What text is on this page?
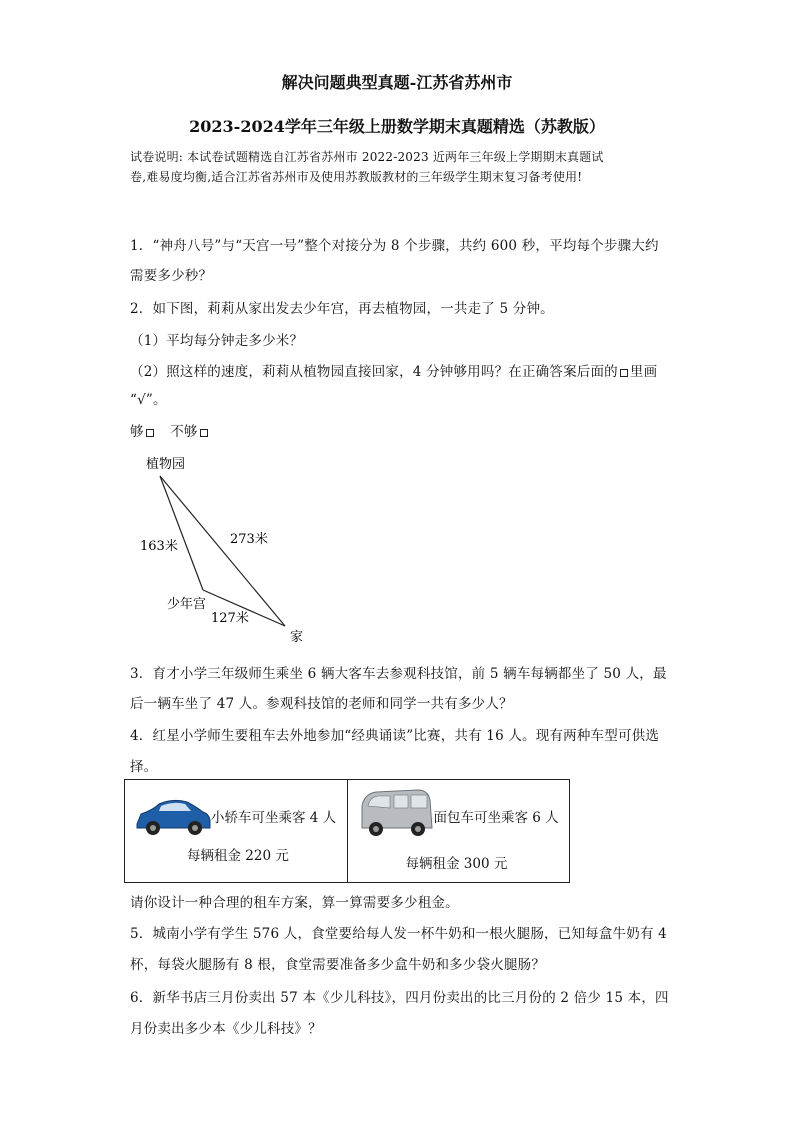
解决问题典型真题-江苏省苏州市
2023-2024学年三年级上册数学期末真题精选（苏教版）
试卷说明: 本试卷试题精选自江苏省苏州市 2022-2023 近两年三年级上学期期末真题试
卷,难易度均衡,适合江苏省苏州市及使用苏教版教材的三年级学生期末复习备考使用!
1．“神舟八号”与“天宫一号”整个对接分为 8 个步骤，共约 600 秒，平均每个步骤大约
需要多少秒？
2．如下图，莉莉从家出发去少年宫，再去植物园，一共走了 5 分钟。
（1）平均每分钟走多少米？
（2）照这样的速度，莉莉从植物园直接回家，4 分钟够用吗？在正确答案后面的 里画
“√”。
够 不够
植物园
163米	273米
少年宫
127米
家
3．育才小学三年级师生乘坐 6 辆大客车去参观科技馆，前 5 辆车每辆都坐了 50 人，最
后一辆车坐了 47 人。参观科技馆的老师和同学一共有多少人？
4．红星小学师生要租车去外地参加“经典诵读”比赛，共有 16 人。现有两种车型可供选
择。
小轿车可坐乘客 4 人
每辆租金 220 元

面包车可坐乘客 6 人
每辆租金 300 元
请你设计一种合理的租车方案，算一算需要多少租金。
5．城南小学有学生 576 人，食堂要给每人发一杯牛奶和一根火腿肠，已知每盒牛奶有 4
杯，每袋火腿肠有 8 根，食堂需要准备多少盒牛奶和多少袋火腿肠？
6．新华书店三月份卖出 57 本《少儿科技》，四月份卖出的比三月份的 2 倍少 15 本，四
月份卖出多少本《少儿科技》？
